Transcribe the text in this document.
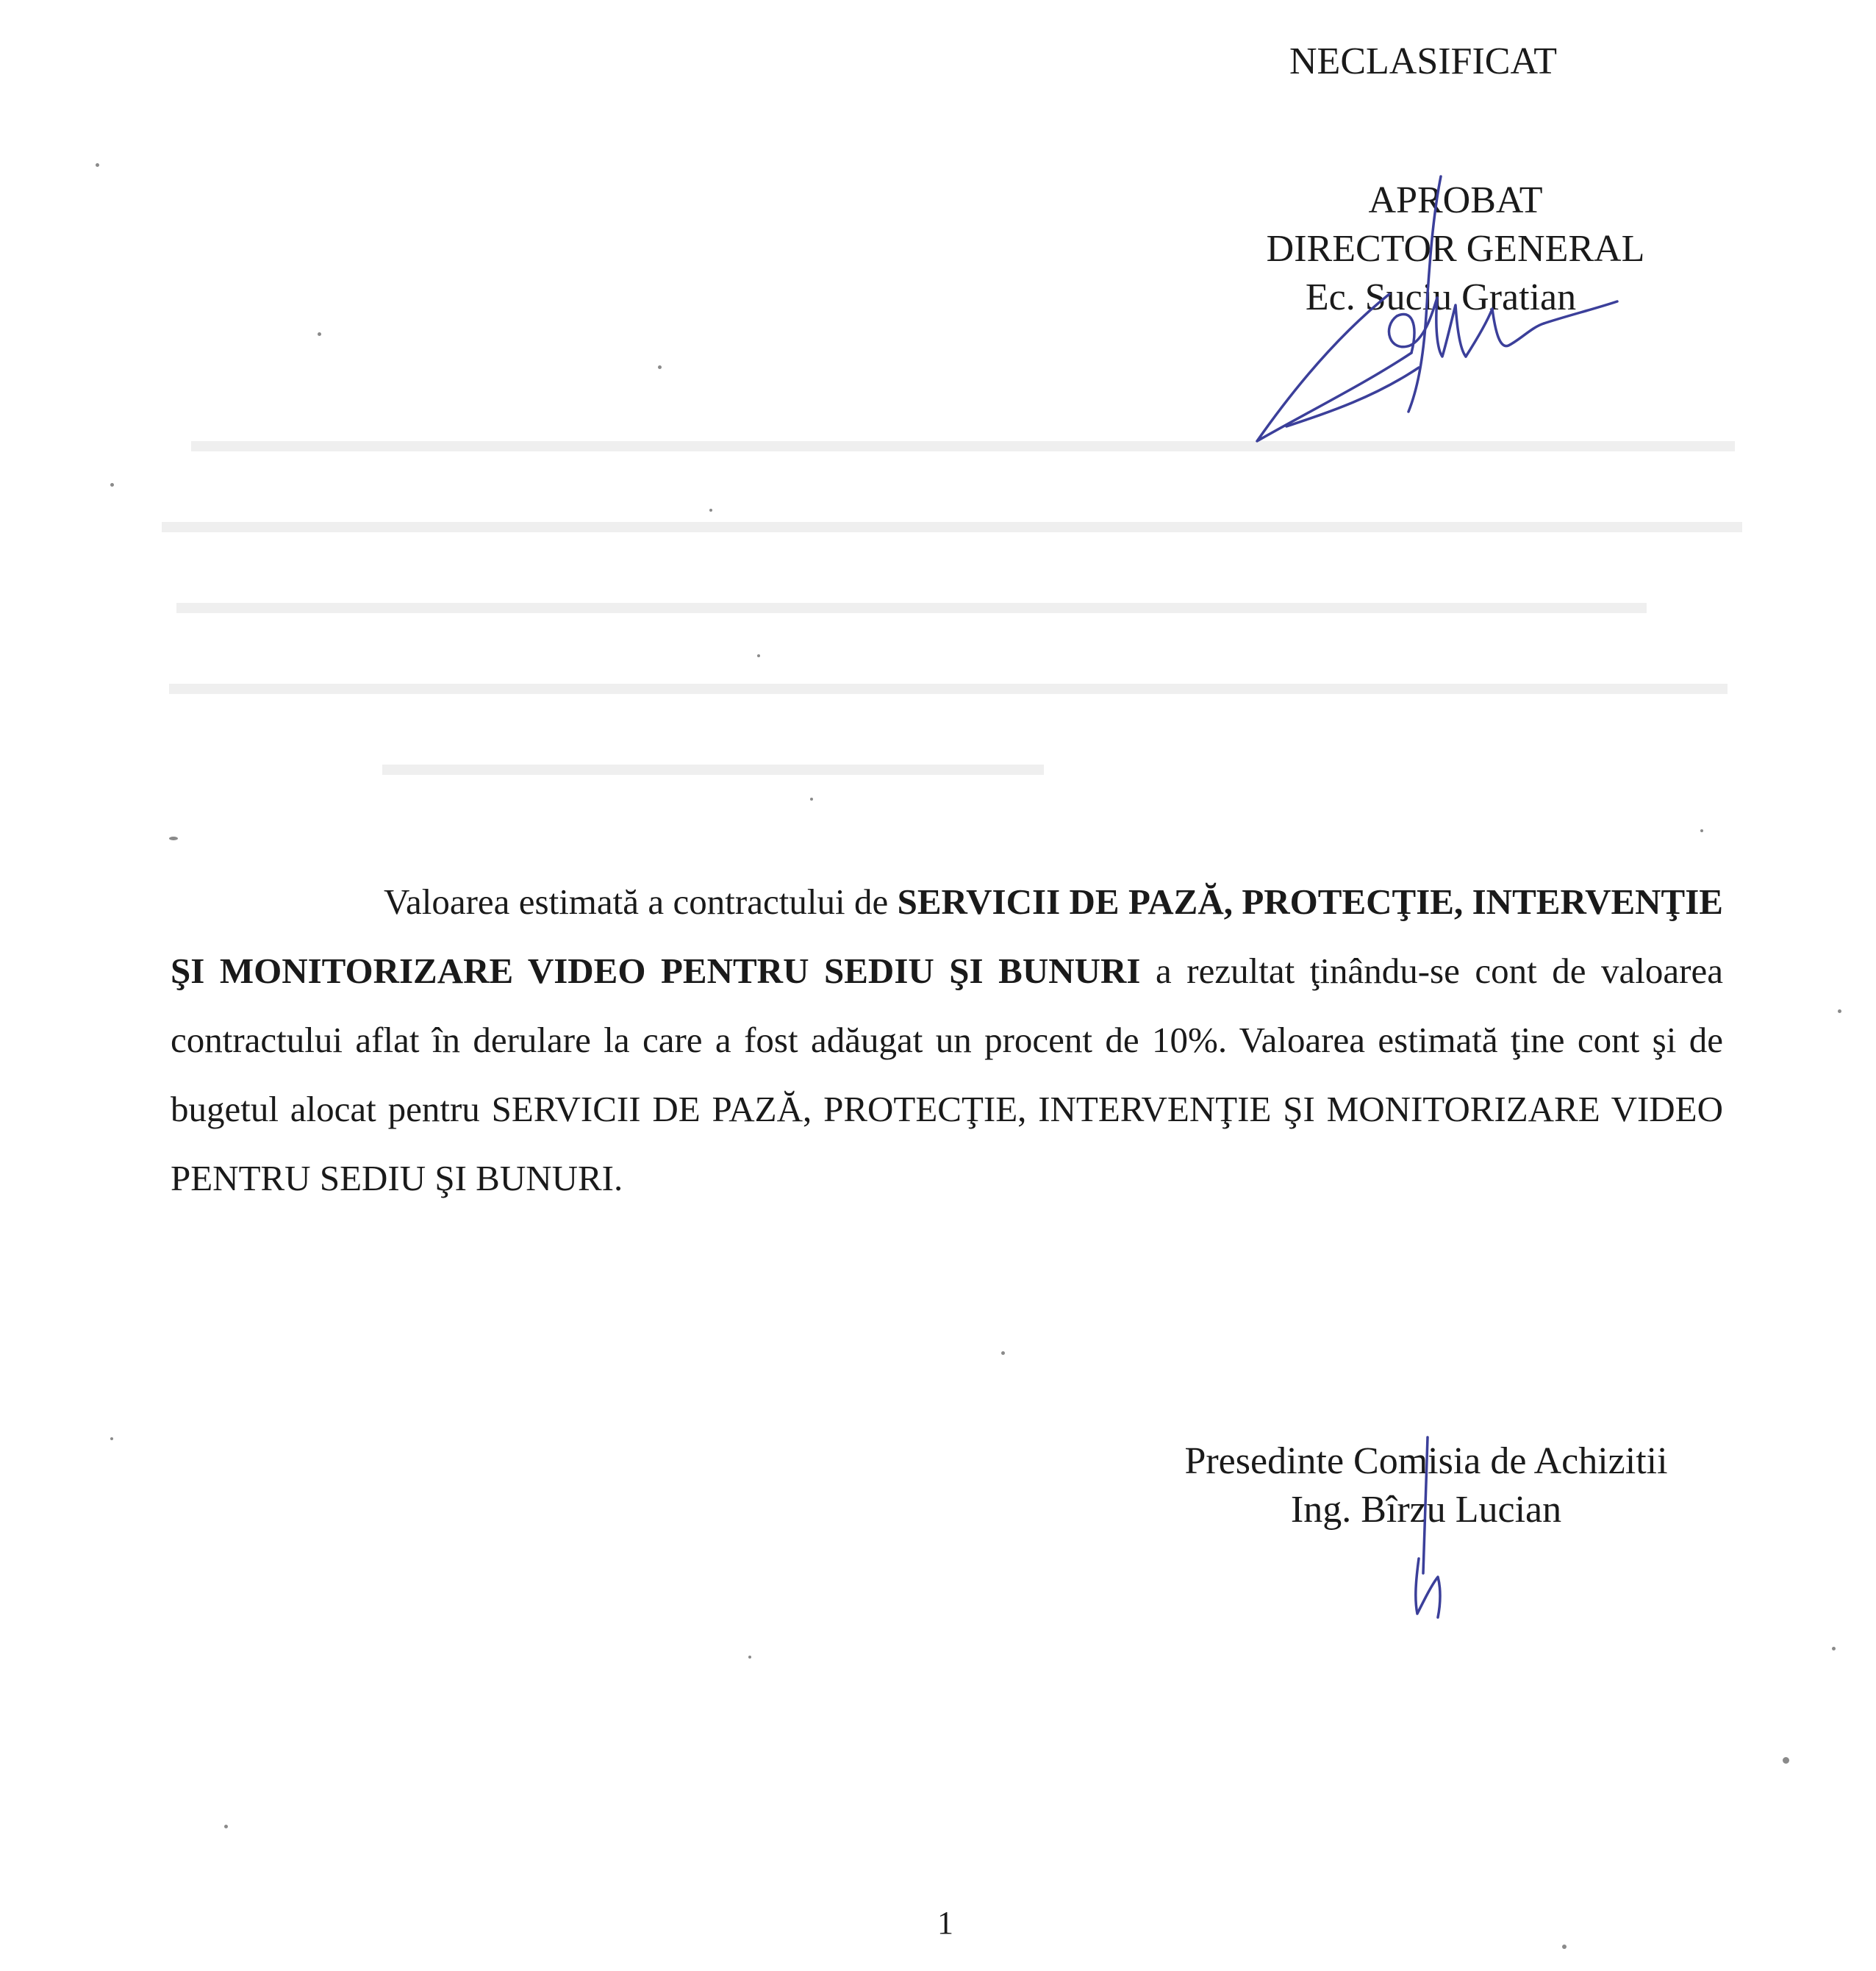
NECLASIFICAT
APROBAT
DIRECTOR GENERAL
Ec. Suciu Gratian

Valoarea estimată a contractului de SERVICII DE PAZĂ, PROTECŢIE, INTERVENŢIE ŞI MONITORIZARE VIDEO PENTRU SEDIU ŞI BUNURI a rezultat ţinându-se cont de valoarea contractului aflat în derulare la care a fost adăugat un procent de 10%. Valoarea estimată ţine cont şi de bugetul alocat pentru SERVICII DE PAZĂ, PROTECŢIE, INTERVENŢIE ŞI MONITORIZARE VIDEO PENTRU SEDIU ŞI BUNURI.

Presedinte Comisia de Achizitii
Ing. Bîrzu Lucian
1
